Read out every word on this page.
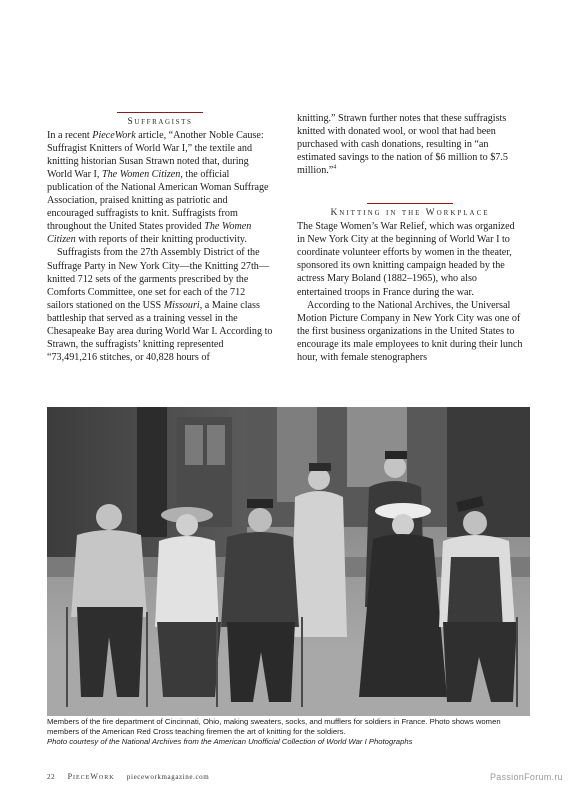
Suffragists

In a recent PieceWork article, “Another Noble Cause: Suffragist Knitters of World War I,” the textile and knitting historian Susan Strawn noted that, during World War I, The Women Citizen, the official publication of the National American Woman Suffrage Association, praised knitting as patriotic and encouraged suffragists to knit. Suffragists from throughout the United States provided The Women Citizen with reports of their knitting productivity.

Suffragists from the 27th Assembly District of the Suffrage Party in New York City—the Knitting 27th— knitted 712 sets of the garments prescribed by the Comforts Committee, one set for each of the 712 sailors stationed on the USS Missouri, a Maine class battleship that served as a training vessel in the Chesapeake Bay area during World War I. According to Strawn, the suffragists’ knitting represented “73,491,216 stitches, or 40,828 hours of

knitting.” Strawn further notes that these suffragists knitted with donated wool, or wool that had been purchased with cash donations, resulting in “an estimated savings to the nation of $6 million to $7.5 million.”$^4$

Knitting in the Workplace

The Stage Women’s War Relief, which was organized in New York City at the beginning of World War I to coordinate volunteer efforts by women in the theater, sponsored its own knitting campaign headed by the actress Mary Boland (1882–1965), who also entertained troops in France during the war.

According to the National Archives, the Universal Motion Picture Company in New York City was one of the first business organizations in the United States to encourage its male employees to knit during their lunch hour, with female stenographers

Members of the fire department of Cincinnati, Ohio, making sweaters, socks, and mufflers for soldiers in France. Photo shows women members of the American Red Cross teaching firemen the art of knitting for the soldiers.
Photo courtesy of the National Archives from the American Unofficial Collection of World War I Photographs
22 PieceWork pieceworkmagazine.com	PassionForum.ru
